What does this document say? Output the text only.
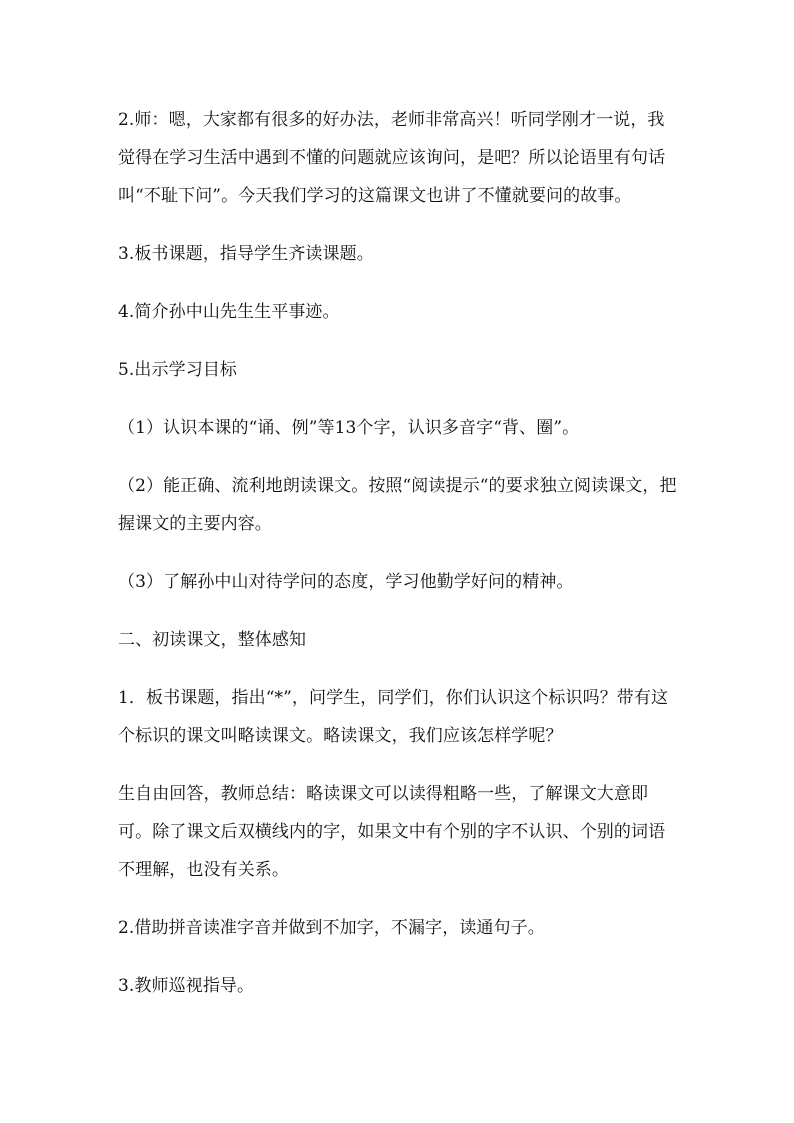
2.师：嗯，大家都有很多的好办法，老师非常高兴！听同学刚才一说，我觉得在学习生活中遇到不懂的问题就应该询问，是吧？所以论语里有句话叫“不耻下问”。今天我们学习的这篇课文也讲了不懂就要问的故事。

3.板书课题，指导学生齐读课题。

4.简介孙中山先生生平事迹。

5.出示学习目标

（1）认识本课的“诵、例”等13个字，认识多音字“背、圈”。

（2）能正确、流利地朗读课文。按照“阅读提示“的要求独立阅读课文，把握课文的主要内容。

（3）了解孙中山对待学问的态度，学习他勤学好问的精神。

二、初读课文，整体感知

1．板书课题，指出“*”，问学生，同学们，你们认识这个标识吗？带有这个标识的课文叫略读课文。略读课文，我们应该怎样学呢？

生自由回答，教师总结：略读课文可以读得粗略一些，了解课文大意即可。除了课文后双横线内的字，如果文中有个别的字不认识、个别的词语不理解，也没有关系。

2.借助拼音读准字音并做到不加字，不漏字，读通句子。

3.教师巡视指导。
